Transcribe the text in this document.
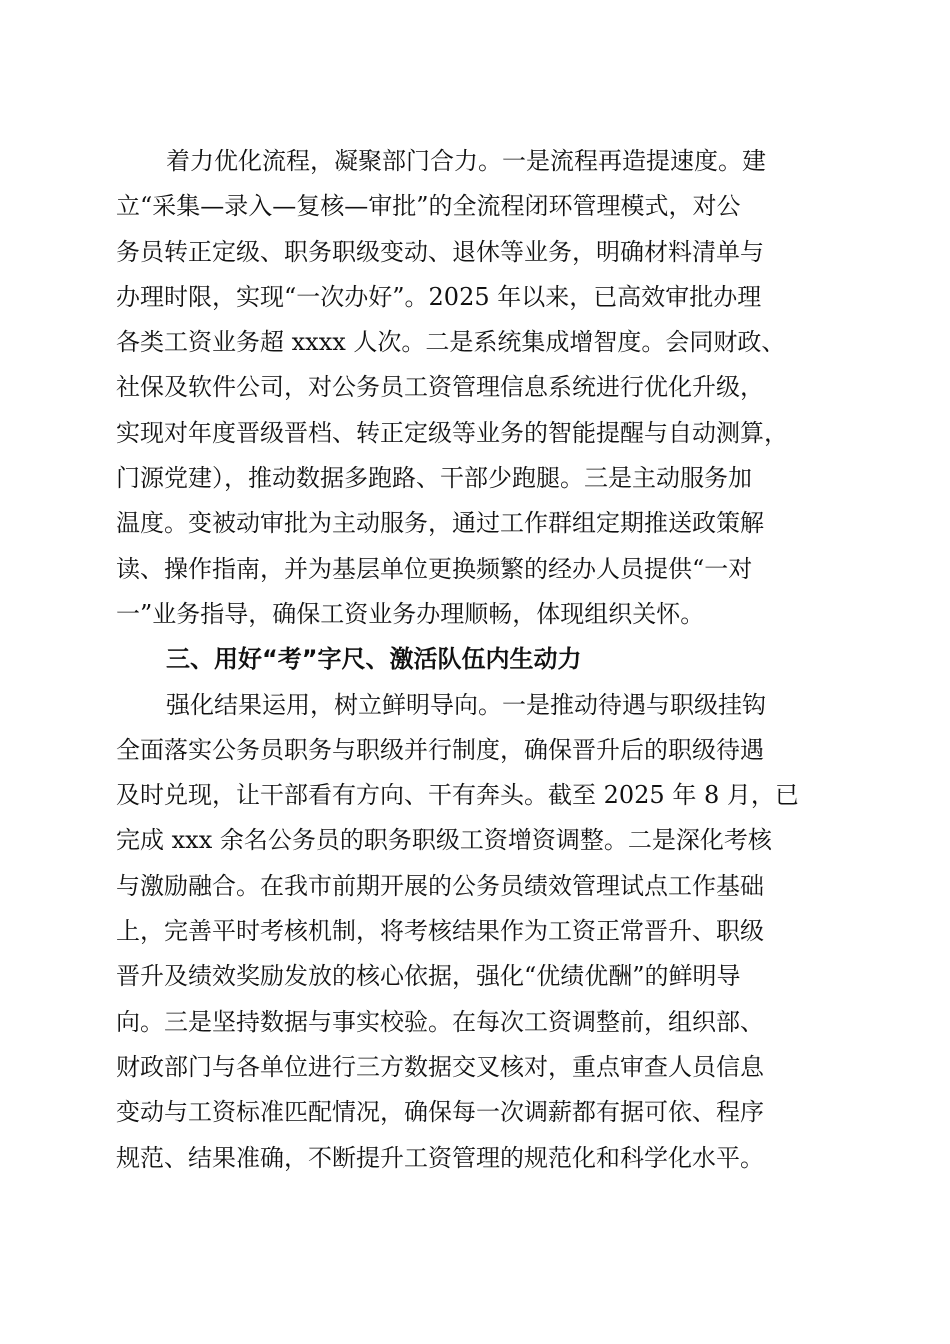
着力优化流程，凝聚部门合力。一是流程再造提速度。建
立“采集—录入—复核—审批”的全流程闭环管理模式，对公
务员转正定级、职务职级变动、退休等业务，明确材料清单与
办理时限，实现“一次办好”。2025 年以来，已高效审批办理
各类工资业务超 xxxx 人次。二是系统集成增智度。会同财政、
社保及软件公司，对公务员工资管理信息系统进行优化升级，
实现对年度晋级晋档、转正定级等业务的智能提醒与自动测算，
门源党建），推动数据多跑路、干部少跑腿。三是主动服务加
温度。变被动审批为主动服务，通过工作群组定期推送政策解
读、操作指南，并为基层单位更换频繁的经办人员提供“一对
一”业务指导，确保工资业务办理顺畅，体现组织关怀。
三、用好“考”字尺、激活队伍内生动力
强化结果运用，树立鲜明导向。一是推动待遇与职级挂钩
全面落实公务员职务与职级并行制度，确保晋升后的职级待遇
及时兑现，让干部看有方向、干有奔头。截至 2025 年 8 月，已
完成 xxx 余名公务员的职务职级工资增资调整。二是深化考核
与激励融合。在我市前期开展的公务员绩效管理试点工作基础
上，完善平时考核机制，将考核结果作为工资正常晋升、职级
晋升及绩效奖励发放的核心依据，强化“优绩优酬”的鲜明导
向。三是坚持数据与事实校验。在每次工资调整前，组织部、
财政部门与各单位进行三方数据交叉核对，重点审查人员信息
变动与工资标准匹配情况，确保每一次调薪都有据可依、程序
规范、结果准确，不断提升工资管理的规范化和科学化水平。
